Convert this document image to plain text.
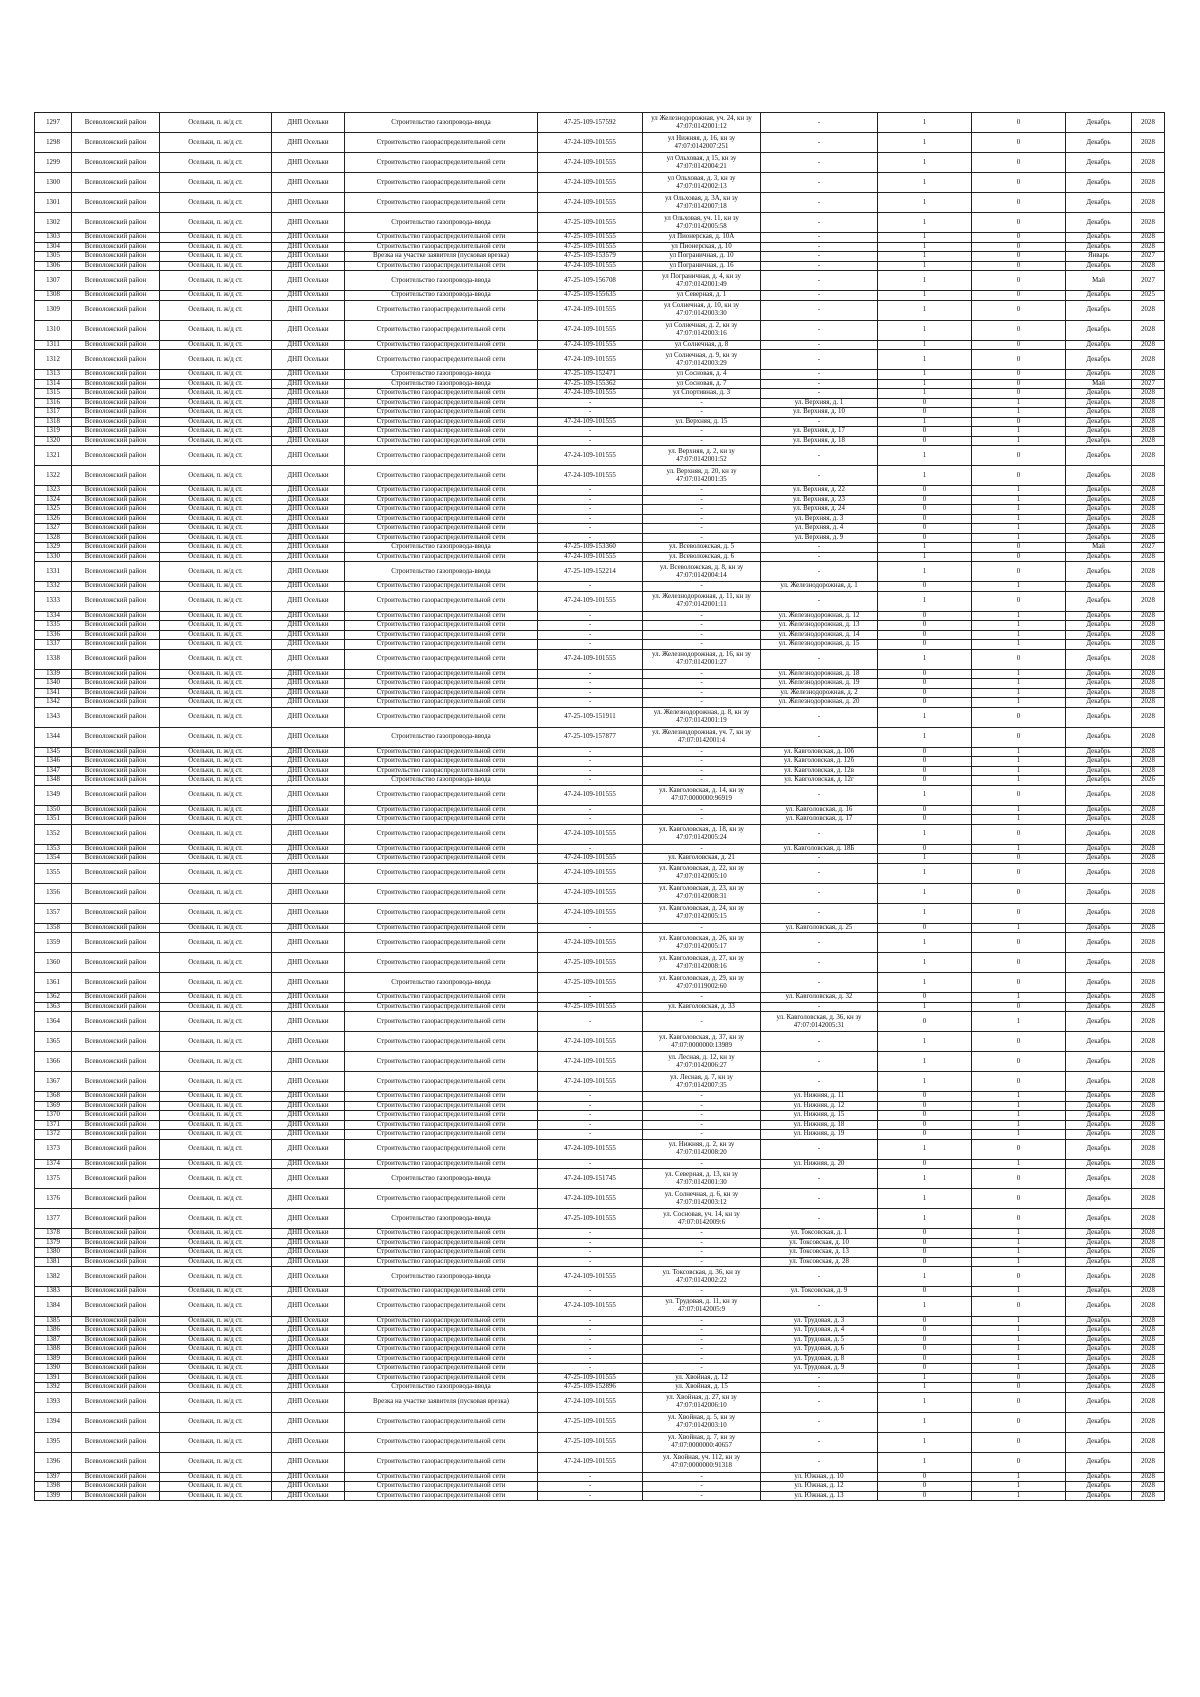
1297	Всеволожский район	Осельки, п. ж/д ст.	ДНП Осельки	Строительство газопровода-ввода	47-25-109-157592	ул Железнодорожная, уч. 24, кн зу 47:07:0142001:12	-	1	0	Декабрь	2028
1298	Всеволожский район	Осельки, п. ж/д ст.	ДНП Осельки	Строительство газораспределительной сети	47-24-109-101555	ул Нижняя, д. 16, кн зу 47:07:0142007:251	-	1	0	Декабрь	2028
1299	Всеволожский район	Осельки, п. ж/д ст.	ДНП Осельки	Строительство газораспределительной сети	47-24-109-101555	ул Ольховая, д 15, кн зу 47:07:0142004:21	-	1	0	Декабрь	2028
1300	Всеволожский район	Осельки, п. ж/д ст.	ДНП Осельки	Строительство газораспределительной сети	47-24-109-101555	ул Ольховая, д. 3, кн зу 47:07:0142002:13	-	1	0	Декабрь	2028
1301	Всеволожский район	Осельки, п. ж/д ст.	ДНП Осельки	Строительство газораспределительной сети	47-24-109-101555	ул Ольховая, д. 3А, кн зу 47:07:0142007:18	-	1	0	Декабрь	2028
1302	Всеволожский район	Осельки, п. ж/д ст.	ДНП Осельки	Строительство газопровода-ввода	47-25-109-101555	ул Ольховая, уч. 11, кн зу 47:07:0142005:58	-	1	0	Декабрь	2028
1303	Всеволожский район	Осельки, п. ж/д ст.	ДНП Осельки	Строительство газораспределительной сети	47-25-109-101555	ул Пионерская, д. 10А	-	1	0	Декабрь	2028
1304	Всеволожский район	Осельки, п. ж/д ст.	ДНП Осельки	Строительство газораспределительной сети	47-25-109-101555	ул Пионерская, д. 10	-	1	0	Декабрь	2028
1305	Всеволожский район	Осельки, п. ж/д ст.	ДНП Осельки	Врезка на участке заявителя (пусковая врезка)	47-25-109-153579	ул Пограничная, д. 10	-	1	0	Январь	2027
1306	Всеволожский район	Осельки, п. ж/д ст.	ДНП Осельки	Строительство газораспределительной сети	47-24-109-101555	ул Пограничная, д. 16	-	1	0	Декабрь	2028
1307	Всеволожский район	Осельки, п. ж/д ст.	ДНП Осельки	Строительство газопровода-ввода	47-25-109-156708	ул Пограничная, д. 4, кн зу 47:07:0142001:49	-	1	0	Май	2027
1308	Всеволожский район	Осельки, п. ж/д ст.	ДНП Осельки	Строительство газопровода-ввода	47-25-109-155635	ул Северная, д. 1	-	1	0	Декабрь	2025
1309	Всеволожский район	Осельки, п. ж/д ст.	ДНП Осельки	Строительство газораспределительной сети	47-24-109-101555	ул Солнечная, д. 10, кн зу 47:07:0142003:30	-	1	0	Декабрь	2028
1310	Всеволожский район	Осельки, п. ж/д ст.	ДНП Осельки	Строительство газораспределительной сети	47-24-109-101555	ул Солнечная, д. 2, кн зу 47:07:0142003:16	-	1	0	Декабрь	2028
1311	Всеволожский район	Осельки, п. ж/д ст.	ДНП Осельки	Строительство газораспределительной сети	47-24-109-101555	ул Солнечная, д. 8	-	1	0	Декабрь	2028
1312	Всеволожский район	Осельки, п. ж/д ст.	ДНП Осельки	Строительство газораспределительной сети	47-24-109-101555	ул Солнечная, д. 9, кн зу 47:07:0142003:29	-	1	0	Декабрь	2028
1313	Всеволожский район	Осельки, п. ж/д ст.	ДНП Осельки	Строительство газопровода-ввода	47-25-109-152471	ул Сосновая, д. 4	-	1	0	Декабрь	2028
1314	Всеволожский район	Осельки, п. ж/д ст.	ДНП Осельки	Строительство газопровода-ввода	47-25-109-155362	ул Сосновая, д. 7	-	1	0	Май	2027
1315	Всеволожский район	Осельки, п. ж/д ст.	ДНП Осельки	Строительство газораспределительной сети	47-24-109-101555	ул Спортивная, д. 3	-	1	0	Декабрь	2028
1316	Всеволожский район	Осельки, п. ж/д ст.	ДНП Осельки	Строительство газораспределительной сети	-	-	ул. Верхняя, д. 1	0	1	Декабрь	2028
1317	Всеволожский район	Осельки, п. ж/д ст.	ДНП Осельки	Строительство газораспределительной сети	-	-	ул. Верхняя, д. 10	0	1	Декабрь	2028
1318	Всеволожский район	Осельки, п. ж/д ст.	ДНП Осельки	Строительство газораспределительной сети	47-24-109-101555	ул. Верхняя, д. 15	-	1	0	Декабрь	2028
1319	Всеволожский район	Осельки, п. ж/д ст.	ДНП Осельки	Строительство газораспределительной сети	-	-	ул. Верхняя, д. 17	0	1	Декабрь	2028
1320	Всеволожский район	Осельки, п. ж/д ст.	ДНП Осельки	Строительство газораспределительной сети	-	-	ул. Верхняя, д. 18	0	1	Декабрь	2028
1321	Всеволожский район	Осельки, п. ж/д ст.	ДНП Осельки	Строительство газораспределительной сети	47-24-109-101555	ул. Верхняя, д. 2, кн зу 47:07:0142001:52	-	1	0	Декабрь	2028
1322	Всеволожский район	Осельки, п. ж/д ст.	ДНП Осельки	Строительство газораспределительной сети	47-24-109-101555	ул. Верхняя, д. 20, кн зу 47:07:0142001:35	-	1	0	Декабрь	2028
1323	Всеволожский район	Осельки, п. ж/д ст.	ДНП Осельки	Строительство газораспределительной сети	-	-	ул. Верхняя, д. 22	0	1	Декабрь	2028
1324	Всеволожский район	Осельки, п. ж/д ст.	ДНП Осельки	Строительство газораспределительной сети	-	-	ул. Верхняя, д. 23	0	1	Декабрь	2028
1325	Всеволожский район	Осельки, п. ж/д ст.	ДНП Осельки	Строительство газораспределительной сети	-	-	ул. Верхняя, д. 24	0	1	Декабрь	2028
1326	Всеволожский район	Осельки, п. ж/д ст.	ДНП Осельки	Строительство газораспределительной сети	-	-	ул. Верхняя, д. 3	0	1	Декабрь	2028
1327	Всеволожский район	Осельки, п. ж/д ст.	ДНП Осельки	Строительство газораспределительной сети	-	-	ул. Верхняя, д. 4	0	1	Декабрь	2028
1328	Всеволожский район	Осельки, п. ж/д ст.	ДНП Осельки	Строительство газораспределительной сети	-	-	ул. Верхняя, д. 9	0	1	Декабрь	2028
1329	Всеволожский район	Осельки, п. ж/д ст.	ДНП Осельки	Строительство газопровода-ввода	47-25-109-153360	ул. Всеволожская, д. 5	-	1	0	Май	2027
1330	Всеволожский район	Осельки, п. ж/д ст.	ДНП Осельки	Строительство газораспределительной сети	47-24-109-101555	ул. Всеволожская, д. 6	-	1	0	Декабрь	2028
1331	Всеволожский район	Осельки, п. ж/д ст.	ДНП Осельки	Строительство газопровода-ввода	47-25-109-152214	ул. Всеволожская, д. 8, кн зу 47:07:0142004:14	-	1	0	Декабрь	2028
1332	Всеволожский район	Осельки, п. ж/д ст.	ДНП Осельки	Строительство газораспределительной сети	-	-	ул. Железнодорожная, д. 1	0	1	Декабрь	2028
1333	Всеволожский район	Осельки, п. ж/д ст.	ДНП Осельки	Строительство газораспределительной сети	47-24-109-101555	ул. Железнодорожная, д. 11, кн зу 47:07:0142001:11	-	1	0	Декабрь	2028
1334	Всеволожский район	Осельки, п. ж/д ст.	ДНП Осельки	Строительство газораспределительной сети	-	-	ул. Железнодорожная, д. 12	0	1	Декабрь	2028
1335	Всеволожский район	Осельки, п. ж/д ст.	ДНП Осельки	Строительство газораспределительной сети	-	-	ул. Железнодорожная, д. 13	0	1	Декабрь	2028
1336	Всеволожский район	Осельки, п. ж/д ст.	ДНП Осельки	Строительство газораспределительной сети	-	-	ул. Железнодорожная, д. 14	0	1	Декабрь	2028
1337	Всеволожский район	Осельки, п. ж/д ст.	ДНП Осельки	Строительство газораспределительной сети	-	-	ул. Железнодорожная, д. 15	0	1	Декабрь	2028
1338	Всеволожский район	Осельки, п. ж/д ст.	ДНП Осельки	Строительство газораспределительной сети	47-24-109-101555	ул. Железнодорожная, д. 16, кн зу 47:07:0142001:27	-	1	0	Декабрь	2028
1339	Всеволожский район	Осельки, п. ж/д ст.	ДНП Осельки	Строительство газораспределительной сети	-	-	ул. Железнодорожная, д. 18	0	1	Декабрь	2028
1340	Всеволожский район	Осельки, п. ж/д ст.	ДНП Осельки	Строительство газораспределительной сети	-	-	ул. Железнодорожная, д. 19	0	1	Декабрь	2028
1341	Всеволожский район	Осельки, п. ж/д ст.	ДНП Осельки	Строительство газораспределительной сети	-	-	ул. Железнодорожная, д. 2	0	1	Декабрь	2028
1342	Всеволожский район	Осельки, п. ж/д ст.	ДНП Осельки	Строительство газораспределительной сети	-	-	ул. Железнодорожная, д. 20	0	1	Декабрь	2028
1343	Всеволожский район	Осельки, п. ж/д ст.	ДНП Осельки	Строительство газораспределительной сети	47-25-109-151911	ул. Железнодорожная, д. 8, кн зу 47:07:0142001:19	-	1	0	Декабрь	2028
1344	Всеволожский район	Осельки, п. ж/д ст.	ДНП Осельки	Строительство газопровода-ввода	47-25-109-157877	ул. Железнодорожная, уч. 7, кн зу 47:07:0142001:4	-	1	0	Декабрь	2028
1345	Всеволожский район	Осельки, п. ж/д ст.	ДНП Осельки	Строительство газораспределительной сети	-	-	ул. Кавголовская, д. 10б	0	1	Декабрь	2028
1346	Всеволожский район	Осельки, п. ж/д ст.	ДНП Осельки	Строительство газораспределительной сети	-	-	ул. Кавголовская, д. 12б	0	1	Декабрь	2028
1347	Всеволожский район	Осельки, п. ж/д ст.	ДНП Осельки	Строительство газораспределительной сети	-	-	ул. Кавголовская, д. 12в	0	1	Декабрь	2028
1348	Всеволожский район	Осельки, п. ж/д ст.	ДНП Осельки	Строительство газопровода-ввода	-	-	ул. Кавголовская, д. 12г	0	1	Декабрь	2026
1349	Всеволожский район	Осельки, п. ж/д ст.	ДНП Осельки	Строительство газораспределительной сети	47-24-109-101555	ул. Кавголовская, д. 14, кн зу 47:07:0000000:96919	-	1	0	Декабрь	2028
1350	Всеволожский район	Осельки, п. ж/д ст.	ДНП Осельки	Строительство газораспределительной сети	-	-	ул. Кавголовская, д. 16	0	1	Декабрь	2028
1351	Всеволожский район	Осельки, п. ж/д ст.	ДНП Осельки	Строительство газораспределительной сети	-	-	ул. Кавголовская, д. 17	0	1	Декабрь	2028
1352	Всеволожский район	Осельки, п. ж/д ст.	ДНП Осельки	Строительство газораспределительной сети	47-24-109-101555	ул. Кавголовская, д. 18, кн зу 47:07:0142005:24	-	1	0	Декабрь	2028
1353	Всеволожский район	Осельки, п. ж/д ст.	ДНП Осельки	Строительство газораспределительной сети	-	-	ул. Кавголовская, д. 18Б	0	1	Декабрь	2028
1354	Всеволожский район	Осельки, п. ж/д ст.	ДНП Осельки	Строительство газораспределительной сети	47-24-109-101555	ул. Кавголовская, д. 21	-	1	0	Декабрь	2028
1355	Всеволожский район	Осельки, п. ж/д ст.	ДНП Осельки	Строительство газораспределительной сети	47-24-109-101555	ул. Кавголовская, д. 22, кн зу 47:07:0142005:10	-	1	0	Декабрь	2028
1356	Всеволожский район	Осельки, п. ж/д ст.	ДНП Осельки	Строительство газораспределительной сети	47-24-109-101555	ул. Кавголовская, д. 23, кн зу 47:07:0142008:31	-	1	0	Декабрь	2028
1357	Всеволожский район	Осельки, п. ж/д ст.	ДНП Осельки	Строительство газораспределительной сети	47-24-109-101555	ул. Кавголовская, д. 24, кн зу 47:07:0142005:15	-	1	0	Декабрь	2028
1358	Всеволожский район	Осельки, п. ж/д ст.	ДНП Осельки	Строительство газораспределительной сети	-	-	ул. Кавголовская, д. 25	0	1	Декабрь	2028
1359	Всеволожский район	Осельки, п. ж/д ст.	ДНП Осельки	Строительство газораспределительной сети	47-24-109-101555	ул. Кавголовская, д. 26, кн зу 47:07:0142005:17	-	1	0	Декабрь	2028
1360	Всеволожский район	Осельки, п. ж/д ст.	ДНП Осельки	Строительство газораспределительной сети	47-25-109-101555	ул. Кавголовская, д. 27, кн зу 47:07:0142008:16	-	1	0	Декабрь	2028
1361	Всеволожский район	Осельки, п. ж/д ст.	ДНП Осельки	Строительство газопровода-ввода	47-25-109-101555	ул. Кавголовская, д. 29, кн зу 47:07:0119002:60	-	1	0	Декабрь	2028
1362	Всеволожский район	Осельки, п. ж/д ст.	ДНП Осельки	Строительство газораспределительной сети	-	-	ул. Кавголовская, д. 32	0	1	Декабрь	2028
1363	Всеволожский район	Осельки, п. ж/д ст.	ДНП Осельки	Строительство газораспределительной сети	47-25-109-101555	ул. Кавголовская, д. 33	-	1	0	Декабрь	2028
1364	Всеволожский район	Осельки, п. ж/д ст.	ДНП Осельки	Строительство газораспределительной сети	-	-	ул. Кавголовская, д. 36, кн зу 47:07:0142005:31	0	1	Декабрь	2028
1365	Всеволожский район	Осельки, п. ж/д ст.	ДНП Осельки	Строительство газораспределительной сети	47-24-109-101555	ул. Кавголовская, д. 37, кн зу 47:07:0000000:13989	-	1	0	Декабрь	2028
1366	Всеволожский район	Осельки, п. ж/д ст.	ДНП Осельки	Строительство газораспределительной сети	47-24-109-101555	ул. Лесная, д. 12, кн зу 47:07:0142006:27	-	1	0	Декабрь	2028
1367	Всеволожский район	Осельки, п. ж/д ст.	ДНП Осельки	Строительство газораспределительной сети	47-24-109-101555	ул. Лесная, д. 7, кн зу 47:07:0142007:35	-	1	0	Декабрь	2028
1368	Всеволожский район	Осельки, п. ж/д ст.	ДНП Осельки	Строительство газораспределительной сети	-	-	ул. Нижняя, д. 11	0	1	Декабрь	2028
1369	Всеволожский район	Осельки, п. ж/д ст.	ДНП Осельки	Строительство газораспределительной сети	-	-	ул. Нижняя, д. 12	0	1	Декабрь	2028
1370	Всеволожский район	Осельки, п. ж/д ст.	ДНП Осельки	Строительство газораспределительной сети	-	-	ул. Нижняя, д. 15	0	1	Декабрь	2028
1371	Всеволожский район	Осельки, п. ж/д ст.	ДНП Осельки	Строительство газораспределительной сети	-	-	ул. Нижняя, д. 18	0	1	Декабрь	2028
1372	Всеволожский район	Осельки, п. ж/д ст.	ДНП Осельки	Строительство газораспределительной сети	-	-	ул. Нижняя, д. 19	0	1	Декабрь	2028
1373	Всеволожский район	Осельки, п. ж/д ст.	ДНП Осельки	Строительство газораспределительной сети	47-24-109-101555	ул. Нижняя, д. 2, кн зу 47:07:0142008:20	-	1	0	Декабрь	2028
1374	Всеволожский район	Осельки, п. ж/д ст.	ДНП Осельки	Строительство газораспределительной сети	-	-	ул. Нижняя, д. 20	0	1	Декабрь	2028
1375	Всеволожский район	Осельки, п. ж/д ст.	ДНП Осельки	Строительство газопровода-ввода	47-24-109-151745	ул. Северная, д. 13, кн зу 47:07:0142001:30	-	1	0	Декабрь	2028
1376	Всеволожский район	Осельки, п. ж/д ст.	ДНП Осельки	Строительство газораспределительной сети	47-24-109-101555	ул. Солнечная, д. 6, кн зу 47:07:0142003:12	-	1	0	Декабрь	2028
1377	Всеволожский район	Осельки, п. ж/д ст.	ДНП Осельки	Строительство газопровода-ввода	47-25-109-101555	ул. Сосновая, уч. 14, кн зу 47:07:0142009:6	-	1	0	Декабрь	2028
1378	Всеволожский район	Осельки, п. ж/д ст.	ДНП Осельки	Строительство газораспределительной сети	-	-	ул. Токсовская, д. 1	0	1	Декабрь	2028
1379	Всеволожский район	Осельки, п. ж/д ст.	ДНП Осельки	Строительство газораспределительной сети	-	-	ул. Токсовская, д. 10	0	1	Декабрь	2028
1380	Всеволожский район	Осельки, п. ж/д ст.	ДНП Осельки	Строительство газораспределительной сети	-	-	ул. Токсовская, д. 13	0	1	Декабрь	2026
1381	Всеволожский район	Осельки, п. ж/д ст.	ДНП Осельки	Строительство газораспределительной сети	-	-	ул. Токсовская, д. 28	0	1	Декабрь	2028
1382	Всеволожский район	Осельки, п. ж/д ст.	ДНП Осельки	Строительство газопровода-ввода	47-24-109-101555	ул. Токсовская, д. 36, кн зу 47:07:0142002:22	-	1	0	Декабрь	2028
1383	Всеволожский район	Осельки, п. ж/д ст.	ДНП Осельки	Строительство газораспределительной сети	-	-	ул. Токсовская, д. 9	0	1	Декабрь	2028
1384	Всеволожский район	Осельки, п. ж/д ст.	ДНП Осельки	Строительство газораспределительной сети	47-24-109-101555	ул. Трудовая, д. 11, кн зу 47:07:0142005:9	-	1	0	Декабрь	2028
1385	Всеволожский район	Осельки, п. ж/д ст.	ДНП Осельки	Строительство газораспределительной сети	-	-	ул. Трудовая, д. 3	0	1	Декабрь	2028
1386	Всеволожский район	Осельки, п. ж/д ст.	ДНП Осельки	Строительство газораспределительной сети	-	-	ул. Трудовая, д. 4	0	1	Декабрь	2028
1387	Всеволожский район	Осельки, п. ж/д ст.	ДНП Осельки	Строительство газораспределительной сети	-	-	ул. Трудовая, д. 5	0	1	Декабрь	2028
1388	Всеволожский район	Осельки, п. ж/д ст.	ДНП Осельки	Строительство газораспределительной сети	-	-	ул. Трудовая, д. 6	0	1	Декабрь	2028
1389	Всеволожский район	Осельки, п. ж/д ст.	ДНП Осельки	Строительство газораспределительной сети	-	-	ул. Трудовая, д. 8	0	1	Декабрь	2028
1390	Всеволожский район	Осельки, п. ж/д ст.	ДНП Осельки	Строительство газораспределительной сети	-	-	ул. Трудовая, д. 9	0	1	Декабрь	2028
1391	Всеволожский район	Осельки, п. ж/д ст.	ДНП Осельки	Строительство газораспределительной сети	47-25-109-101555	ул. Хвойная, д. 12	-	1	0	Декабрь	2028
1392	Всеволожский район	Осельки, п. ж/д ст.	ДНП Осельки	Строительство газопровода-ввода	47-25-109-152896	ул. Хвойная, д. 15	-	1	0	Декабрь	2028
1393	Всеволожский район	Осельки, п. ж/д ст.	ДНП Осельки	Врезка на участке заявителя (пусковая врезка)	47-24-109-101555	ул. Хвойная, д. 27, кн зу 47:07:0142006:10	-	1	0	Декабрь	2028
1394	Всеволожский район	Осельки, п. ж/д ст.	ДНП Осельки	Строительство газораспределительной сети	47-25-109-101555	ул. Хвойная, д. 5, кн зу 47:07:0142003:10	-	1	0	Декабрь	2028
1395	Всеволожский район	Осельки, п. ж/д ст.	ДНП Осельки	Строительство газораспределительной сети	47-25-109-101555	ул. Хвойная, д. 7, кн зу 47:07:0000000:40657	-	1	0	Декабрь	2028
1396	Всеволожский район	Осельки, п. ж/д ст.	ДНП Осельки	Строительство газораспределительной сети	47-24-109-101555	ул. Хвойная, уч. 112, кн зу 47:07:0000000:91318	-	1	0	Декабрь	2028
1397	Всеволожский район	Осельки, п. ж/д ст.	ДНП Осельки	Строительство газораспределительной сети	-	-	ул. Южная, д. 10	0	1	Декабрь	2028
1398	Всеволожский район	Осельки, п. ж/д ст.	ДНП Осельки	Строительство газораспределительной сети	-	-	ул. Южная, д. 12	0	1	Декабрь	2028
1399	Всеволожский район	Осельки, п. ж/д ст.	ДНП Осельки	Строительство газораспределительной сети	-	-	ул. Южная, д. 13	0	1	Декабрь	2028
